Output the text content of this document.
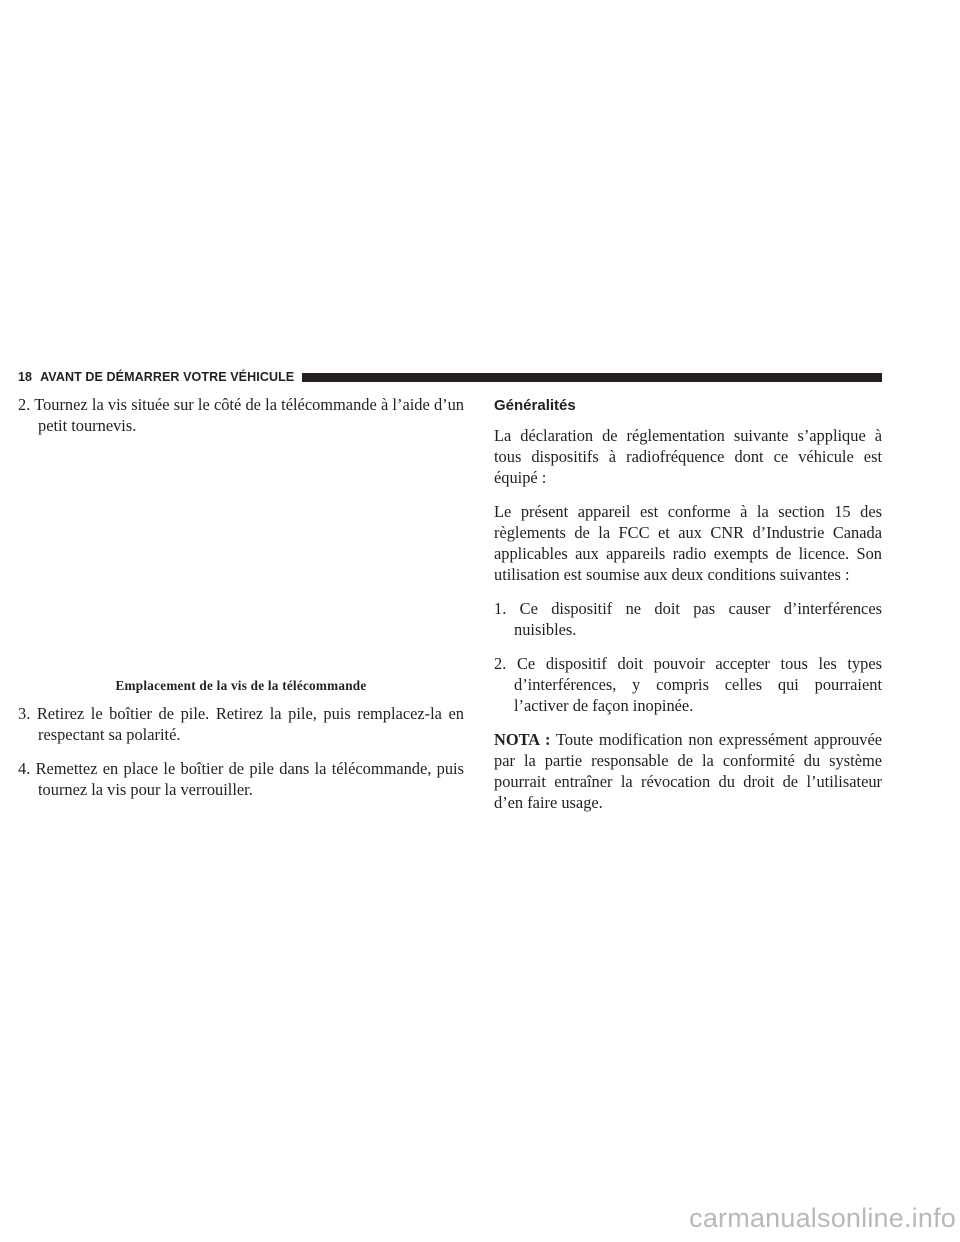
18 AVANT DE DÉMARRER VOTRE VÉHICULE

2. Tournez la vis située sur le côté de la télécommande à l’aide d’un petit tournevis.

Emplacement de la vis de la télécommande

3. Retirez le boîtier de pile. Retirez la pile, puis remplacez-la en respectant sa polarité.

4. Remettez en place le boîtier de pile dans la télécommande, puis tournez la vis pour la verrouiller.

Généralités

La déclaration de réglementation suivante s’applique à tous dispositifs à radiofréquence dont ce véhicule est équipé :

Le présent appareil est conforme à la section 15 des règlements de la FCC et aux CNR d’Industrie Canada applicables aux appareils radio exempts de licence. Son utilisation est soumise aux deux conditions suivantes :

1. Ce dispositif ne doit pas causer d’interférences nuisibles.

2. Ce dispositif doit pouvoir accepter tous les types d’interférences, y compris celles qui pourraient l’activer de façon inopinée.

NOTA : Toute modification non expressément approuvée par la partie responsable de la conformité du système pourrait entraîner la révocation du droit de l’utilisateur d’en faire usage.

carmanualsonline.info
